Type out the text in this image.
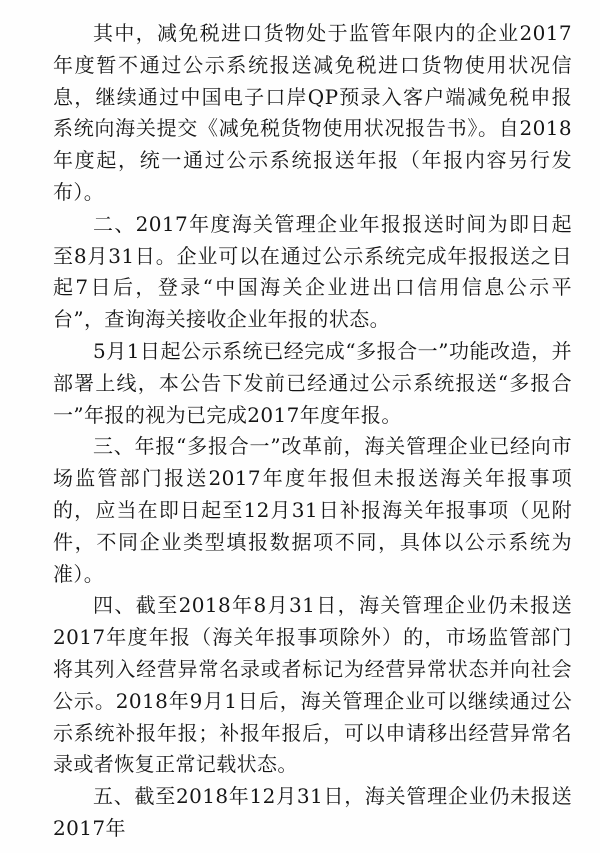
其中，减免税进口货物处于监管年限内的企业2017年度暂不通过公示系统报送减免税进口货物使用状况信息，继续通过中国电子口岸QP预录入客户端减免税申报系统向海关提交《减免税货物使用状况报告书》。自2018年度起，统一通过公示系统报送年报（年报内容另行发布）。

二、2017年度海关管理企业年报报送时间为即日起至8月31日。企业可以在通过公示系统完成年报报送之日起7日后，登录“中国海关企业进出口信用信息公示平台”，查询海关接收企业年报的状态。

5月1日起公示系统已经完成“多报合一”功能改造，并部署上线，本公告下发前已经通过公示系统报送“多报合一”年报的视为已完成2017年度年报。

三、年报“多报合一”改革前，海关管理企业已经向市场监管部门报送2017年度年报但未报送海关年报事项的，应当在即日起至12月31日补报海关年报事项（见附件，不同企业类型填报数据项不同，具体以公示系统为准）。

四、截至2018年8月31日，海关管理企业仍未报送2017年度年报（海关年报事项除外）的，市场监管部门将其列入经营异常名录或者标记为经营异常状态并向社会公示。2018年9月1日后，海关管理企业可以继续通过公示系统补报年报；补报年报后，可以申请移出经营异常名录或者恢复正常记载状态。

五、截至2018年12月31日，海关管理企业仍未报送2017年
